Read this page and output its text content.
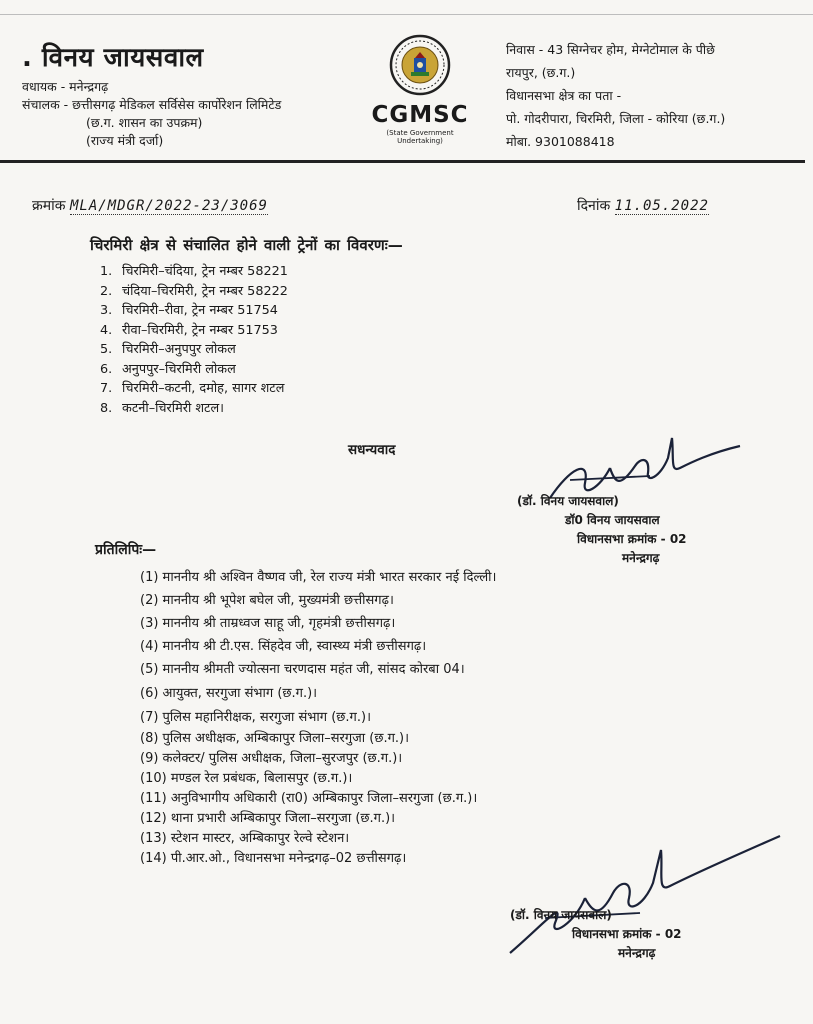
. विनय जायसवाल
वधायक - मनेन्द्रगढ़
संचालक - छत्तीसगढ़ मेडिकल सर्विसेस कार्पोरेशन लिमिटेड
(छ.ग. शासन का उपक्रम)
(राज्य मंत्री दर्जा)
CGMSC
(State Government Undertaking)
निवास - 43 सिग्नेचर होम, मेग्नेटोमाल के पीछे
रायपुर, (छ.ग.)
विधानसभा क्षेत्र का पता -
पो. गोदरीपारा, चिरमिरी, जिला - कोरिया (छ.ग.)
मोबा. 9301088418
क्रमांक MLA/MDGR/2022-23/3069	दिनांक 11.05.2022
चिरमिरी क्षेत्र से संचालित होने वाली ट्रेनों का विवरणः—
1. चिरमिरी–चंदिया, ट्रेन नम्बर 58221
2. चंदिया–चिरमिरी, ट्रेन नम्बर 58222
3. चिरमिरी–रीवा, ट्रेन नम्बर 51754
4. रीवा–चिरमिरी, ट्रेन नम्बर 51753
5. चिरमिरी–अनुपपुर लोकल
6. अनुपपुर–चिरमिरी लोकल
7. चिरमिरी–कटनी, दमोह, सागर शटल
8. कटनी–चिरमिरी शटल।
सधन्यवाद
(डॉ. विनय जायसवाल)
डॉ0 विनय जायसवाल
विधानसभा क्रमांक - 02
मनेन्द्रगढ़
प्रतिलिपिः—
(1) माननीय श्री अश्विन वैष्णव जी, रेल राज्य मंत्री भारत सरकार नई दिल्ली।
(2) माननीय श्री भूपेश बघेल जी, मुख्यमंत्री छत्तीसगढ़।
(3) माननीय श्री ताम्रध्वज साहू जी, गृहमंत्री छत्तीसगढ़।
(4) माननीय श्री टी.एस. सिंहदेव जी, स्वास्थ्य मंत्री छत्तीसगढ़।
(5) माननीय श्रीमती ज्योत्सना चरणदास महंत जी, सांसद कोरबा 04।
(6) आयुक्त, सरगुजा संभाग (छ.ग.)।
(7) पुलिस महानिरीक्षक, सरगुजा संभाग (छ.ग.)।
(8) पुलिस अधीक्षक, अम्बिकापुर जिला–सरगुजा (छ.ग.)।
(9) कलेक्टर/ पुलिस अधीक्षक, जिला–सुरजपुर (छ.ग.)।
(10) मण्डल रेल प्रबंधक, बिलासपुर (छ.ग.)।
(11) अनुविभागीय अधिकारी (रा0) अम्बिकापुर जिला–सरगुजा (छ.ग.)।
(12) थाना प्रभारी अम्बिकापुर जिला–सरगुजा (छ.ग.)।
(13) स्टेशन मास्टर, अम्बिकापुर रेल्वे स्टेशन।
(14) पी.आर.ओ., विधानसभा मनेन्द्रगढ़–02 छत्तीसगढ़।
(डॉ. विनय जायसवाल)
विधानसभा क्रमांक - 02
मनेन्द्रगढ़
